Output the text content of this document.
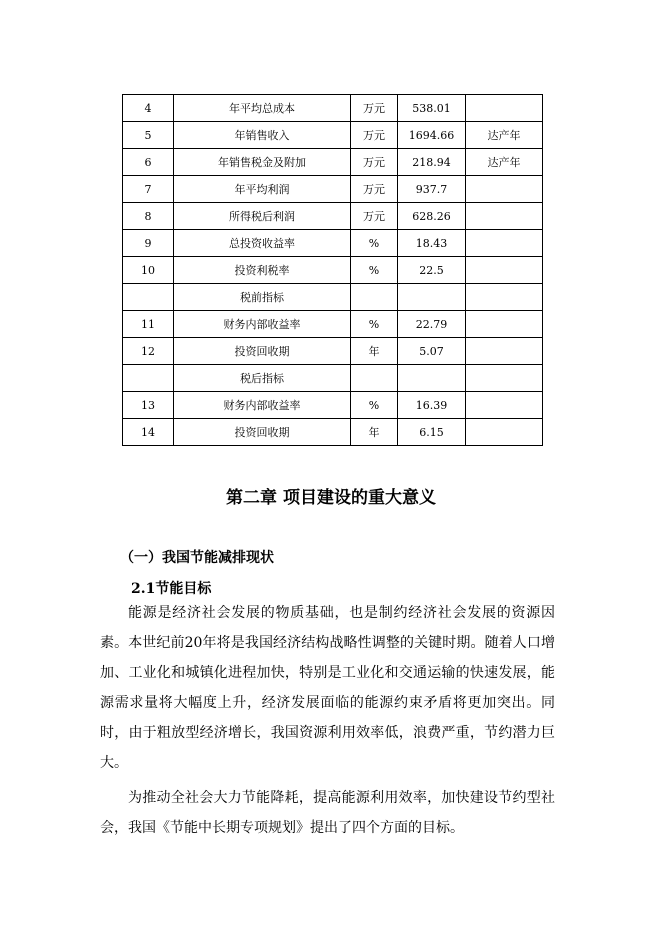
4	年平均总成本	万元	538.01	
5	年销售收入	万元	1694.66	达产年
6	年销售税金及附加	万元	218.94	达产年
7	年平均利润	万元	937.7	
8	所得税后利润	万元	628.26	
9	总投资收益率	%	18.43	
10	投资利税率	%	22.5	
	税前指标			
11	财务内部收益率	%	22.79	
12	投资回收期	年	5.07	
	税后指标			
13	财务内部收益率	%	16.39	
14	投资回收期	年	6.15	
第二章 项目建设的重大意义
（一）我国节能减排现状
2.1节能目标

能源是经济社会发展的物质基础，也是制约经济社会发展的资源因素。本世纪前20年将是我国经济结构战略性调整的关键时期。随着人口增加、工业化和城镇化进程加快，特别是工业化和交通运输的快速发展，能源需求量将大幅度上升，经济发展面临的能源约束矛盾将更加突出。同时，由于粗放型经济增长，我国资源利用效率低，浪费严重，节约潜力巨大。

为推动全社会大力节能降耗，提高能源利用效率，加快建设节约型社会，我国《节能中长期专项规划》提出了四个方面的目标。
